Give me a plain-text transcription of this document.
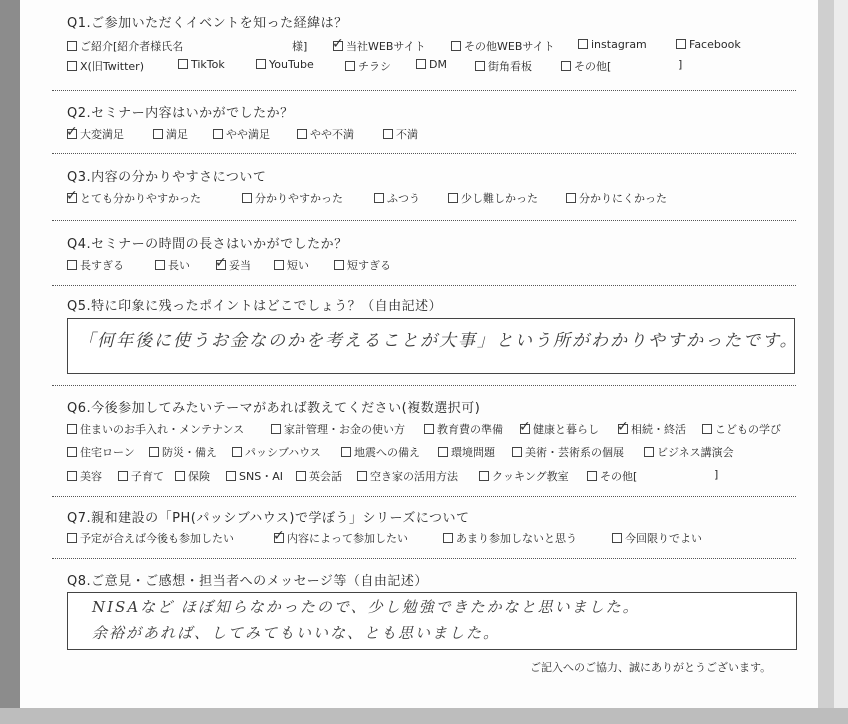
Q1.ご参加いただくイベントを知った経緯は？
ご紹介[紹介者様氏名	様] ✓ 当社WEBサイト	その他WEBサイト	instagram	Facebook
X(旧Twitter)	TikTok	YouTube	チラシ	DM	街角看板	その他[	]
Q2.セミナー内容はいかがでしたか？
✓ 大変満足	満足	やや満足	やや不満	不満
Q3.内容の分かりやすさについて
✓ とても分かりやすかった	分かりやすかった	ふつう	少し難しかった	分かりにくかった
Q4.セミナーの時間の長さはいかがでしたか？
長すぎる	長い ✓ 妥当	短い	短すぎる
Q5.特に印象に残ったポイントはどこでしょう？（自由記述）
「何年後に使うお金なのかを考えることが大事」という所がわかりやすかったです。
Q6.今後参加してみたいテーマがあれば教えてください(複数選択可)
住まいのお手入れ・メンテナンス	家計管理・お金の使い方	教育費の準備 ✓ 健康と暮らし ✓ 相続・終活	こどもの学び
住宅ローン	防災・備え	パッシブハウス	地震への備え	環境問題	美術・芸術系の個展	ビジネス講演会
美容	子育て	保険	SNS・AI	英会話	空き家の活用方法	クッキング教室	その他[	]
Q7.親和建設の「PH(パッシブハウス)で学ぼう」シリーズについて
予定が合えば今後も参加したい	✓ 内容によって参加したい	あまり参加しないと思う	今回限りでよい
Q8.ご意見・ご感想・担当者へのメッセージ等（自由記述）
NISAなど ほぼ知らなかったので、少し勉強できたかなと思いました。
余裕があれば、してみてもいいな、とも思いました。
ご記入へのご協力、誠にありがとうございます。
